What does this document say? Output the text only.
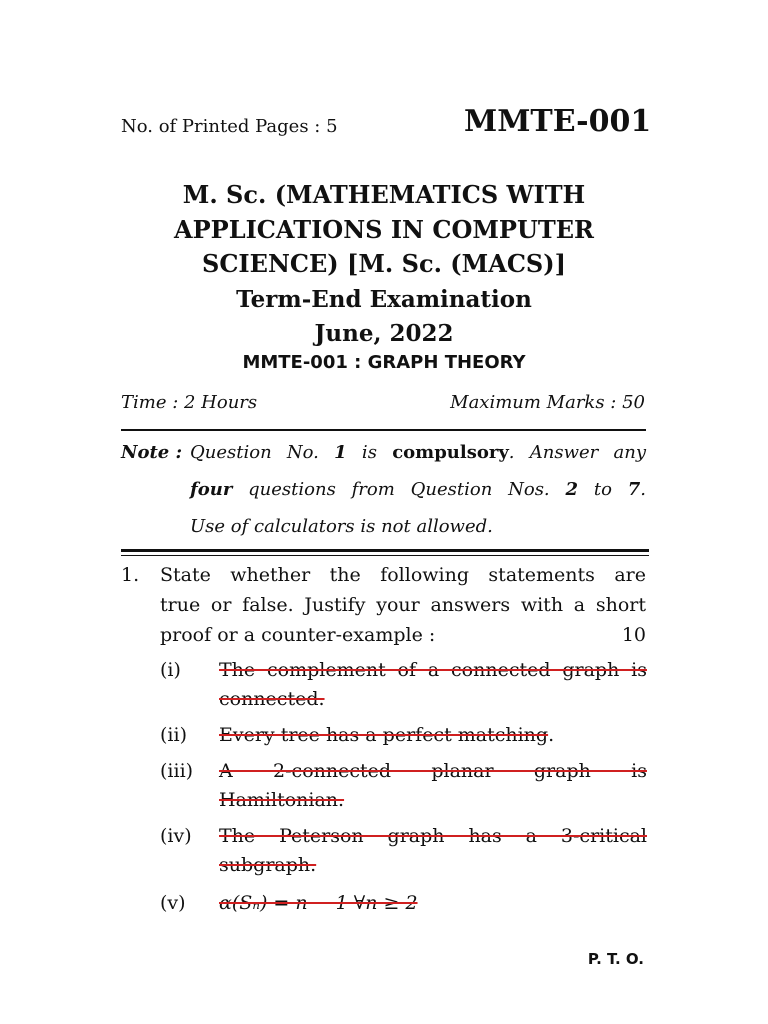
No. of Printed Pages : 5	MMTE-001
M. Sc. (MATHEMATICS WITH
APPLICATIONS IN COMPUTER
SCIENCE) [M. Sc. (MACS)]
Term-End Examination
June, 2022
MMTE-001 : GRAPH THEORY
Time : 2 Hours	Maximum Marks : 50
Note : Question No. 1 is compulsory. Answer any
four questions from Question Nos. 2 to 7.
Use of calculators is not allowed.
1. State whether the following statements are
true or false. Justify your answers with a short
proof or a counter-example :	10
(i) The complement of a connected graph is
connected.
(ii) Every tree has a perfect matching.
(iii) A 2-connected planar graph is
Hamiltonian.
(iv) The Peterson graph has a 3-critical
subgraph.
(v) α(Sₙ) = n − 1 ∀n ≥ 2
P. T. O.
